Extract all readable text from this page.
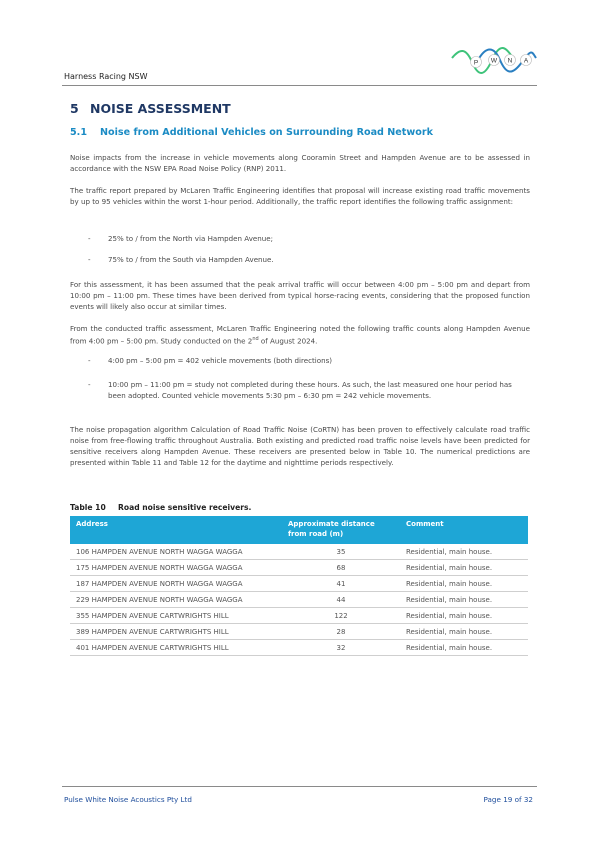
Harness Racing NSW
P W N A
5 NOISE ASSESSMENT
5.1 Noise from Additional Vehicles on Surrounding Road Network
Noise impacts from the increase in vehicle movements along Cooramin Street and Hampden Avenue are to be assessed in accordance with the NSW EPA Road Noise Policy (RNP) 2011.
The traffic report prepared by McLaren Traffic Engineering identifies that proposal will increase existing road traffic movements by up to 95 vehicles within the worst 1-hour period. Additionally, the traffic report identifies the following traffic assignment:
- 25% to / from the North via Hampden Avenue;
- 75% to / from the South via Hampden Avenue.
For this assessment, it has been assumed that the peak arrival traffic will occur between 4:00 pm – 5:00 pm and depart from 10:00 pm – 11:00 pm. These times have been derived from typical horse-racing events, considering that the proposed function events will likely also occur at similar times.
From the conducted traffic assessment, McLaren Traffic Engineering noted the following traffic counts along Hampden Avenue from 4:00 pm – 5:00 pm. Study conducted on the 2nd of August 2024.
- 4:00 pm – 5:00 pm = 402 vehicle movements (both directions)
- 10:00 pm – 11:00 pm = study not completed during these hours. As such, the last measured one hour period has been adopted. Counted vehicle movements 5:30 pm – 6:30 pm = 242 vehicle movements.
The noise propagation algorithm Calculation of Road Traffic Noise (CoRTN) has been proven to effectively calculate road traffic noise from free-flowing traffic throughout Australia. Both existing and predicted road traffic noise levels have been predicted for sensitive receivers along Hampden Avenue. These receivers are presented below in Table 10. The numerical predictions are presented within Table 11 and Table 12 for the daytime and nighttime periods respectively.
Table 10 Road noise sensitive receivers.
Address	Approximate distance from road (m)	Comment
106 HAMPDEN AVENUE NORTH WAGGA WAGGA	35	Residential, main house.
175 HAMPDEN AVENUE NORTH WAGGA WAGGA	68	Residential, main house.
187 HAMPDEN AVENUE NORTH WAGGA WAGGA	41	Residential, main house.
229 HAMPDEN AVENUE NORTH WAGGA WAGGA	44	Residential, main house.
355 HAMPDEN AVENUE CARTWRIGHTS HILL	122	Residential, main house.
389 HAMPDEN AVENUE CARTWRIGHTS HILL	28	Residential, main house.
401 HAMPDEN AVENUE CARTWRIGHTS HILL	32	Residential, main house.
Pulse White Noise Acoustics Pty Ltd	Page 19 of 32
